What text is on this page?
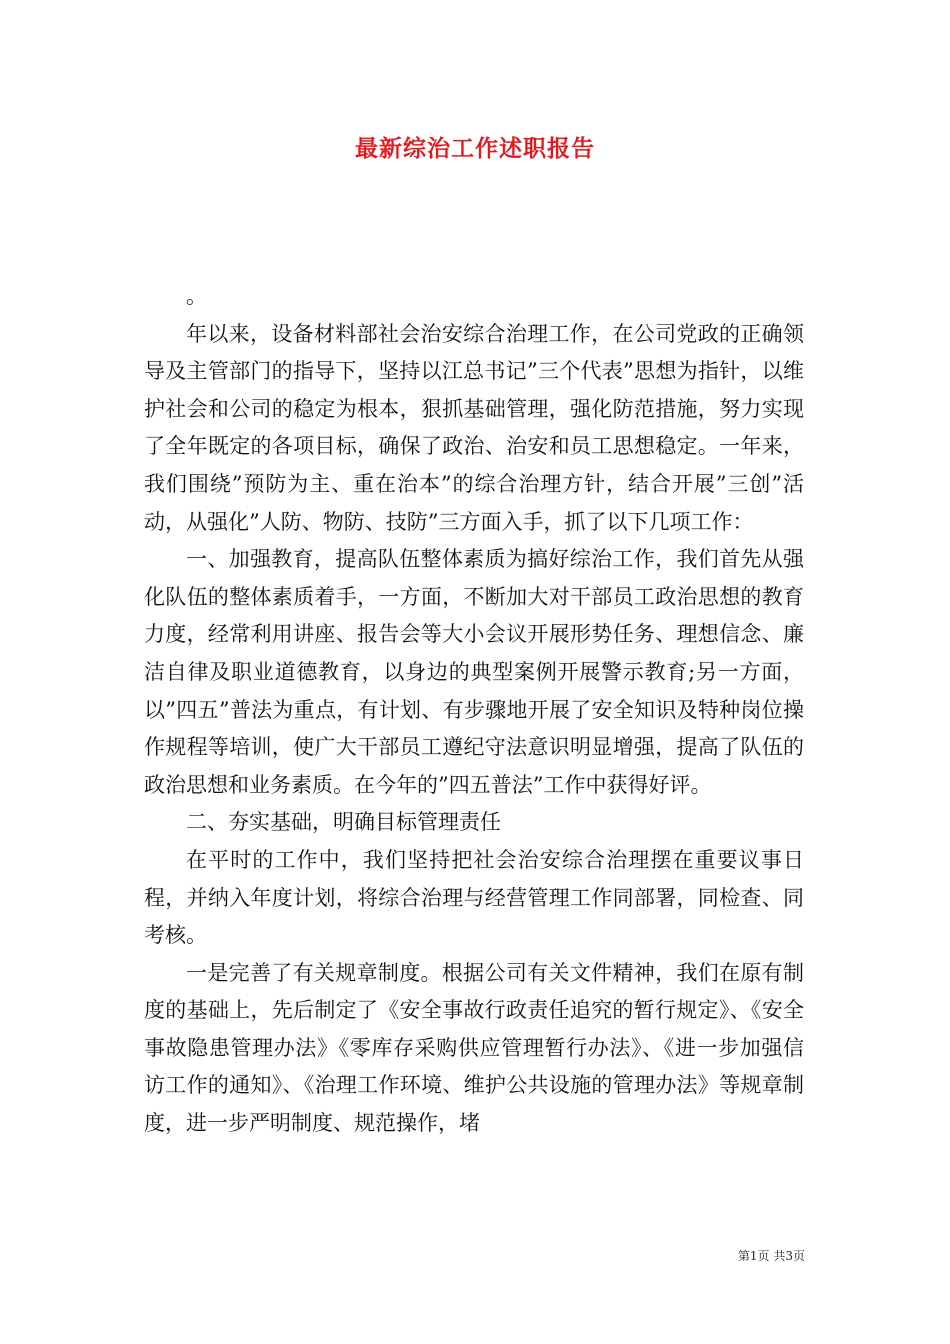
最新综治工作述职报告

。

年以来，设备材料部社会治安综合治理工作，在公司党政的正确领导及主管部门的指导下，坚持以江总书记”三个代表”思想为指针，以维护社会和公司的稳定为根本，狠抓基础管理，强化防范措施，努力实现了全年既定的各项目标，确保了政治、治安和员工思想稳定。一年来，我们围绕”预防为主、重在治本”的综合治理方针，结合开展”三创”活动，从强化”人防、物防、技防”三方面入手，抓了以下几项工作：

一、加强教育，提高队伍整体素质为搞好综治工作，我们首先从强化队伍的整体素质着手，一方面，不断加大对干部员工政治思想的教育力度，经常利用讲座、报告会等大小会议开展形势任务、理想信念、廉洁自律及职业道德教育，以身边的典型案例开展警示教育;另一方面，以”四五”普法为重点，有计划、有步骤地开展了安全知识及特种岗位操作规程等培训，使广大干部员工遵纪守法意识明显增强，提高了队伍的政治思想和业务素质。在今年的”四五普法”工作中获得好评。

二、夯实基础，明确目标管理责任

在平时的工作中，我们坚持把社会治安综合治理摆在重要议事日程，并纳入年度计划，将综合治理与经营管理工作同部署，同检查、同考核。

一是完善了有关规章制度。根据公司有关文件精神，我们在原有制度的基础上，先后制定了《安全事故行政责任追究的暂行规定》、《安全事故隐患管理办法》《零库存采购供应管理暂行办法》、《进一步加强信访工作的通知》、《治理工作环境、维护公共设施的管理办法》等规章制度，进一步严明制度、规范操作，堵

第1页 共3页
